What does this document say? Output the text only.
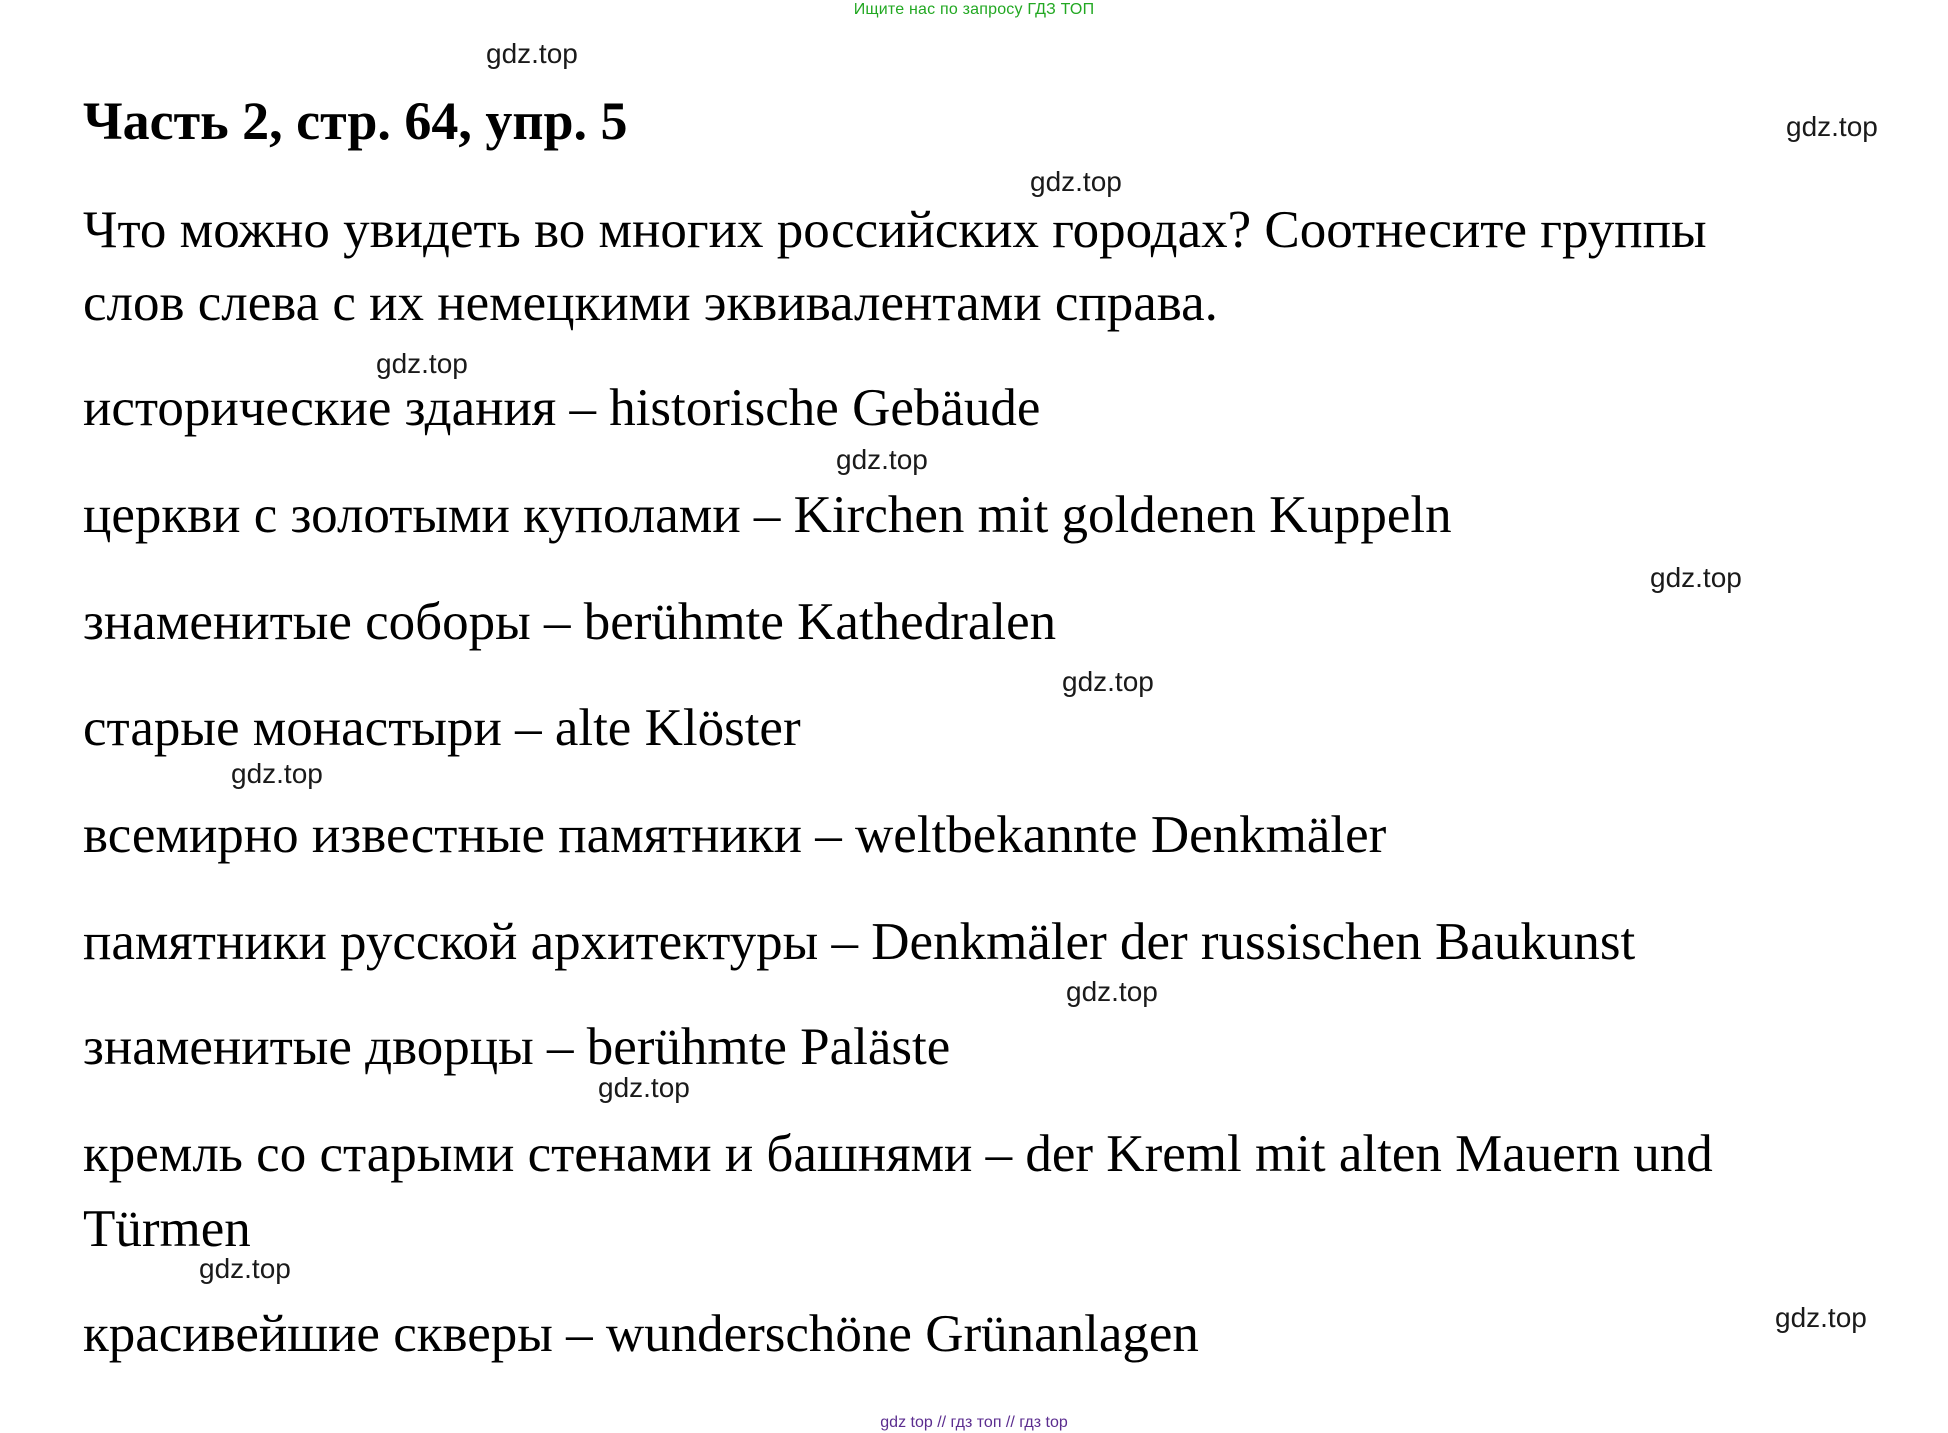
Ищите нас по запросу ГДЗ ТОП
Часть 2, стр. 64, упр. 5
Что можно увидеть во многих российских городах? Соотнесите группы
слов слева с их немецкими эквивалентами справа.
исторические здания – historische Gebäude
церкви с золотыми куполами – Kirchen mit goldenen Kuppeln
знаменитые соборы – berühmte Kathedralen
старые монастыри – alte Klöster
всемирно известные памятники – weltbekannte Denkmäler
памятники русской архитектуры – Denkmäler der russischen Baukunst
знаменитые дворцы – berühmte Paläste
кремль со старыми стенами и башнями – der Kreml mit alten Mauern und
Türmen
красивейшие скверы – wunderschöne Grünanlagen
gdz.top
gdz.top
gdz.top
gdz.top
gdz.top
gdz.top
gdz.top
gdz.top
gdz.top
gdz.top
gdz.top
gdz.top
gdz top // гдз топ // гдз top
